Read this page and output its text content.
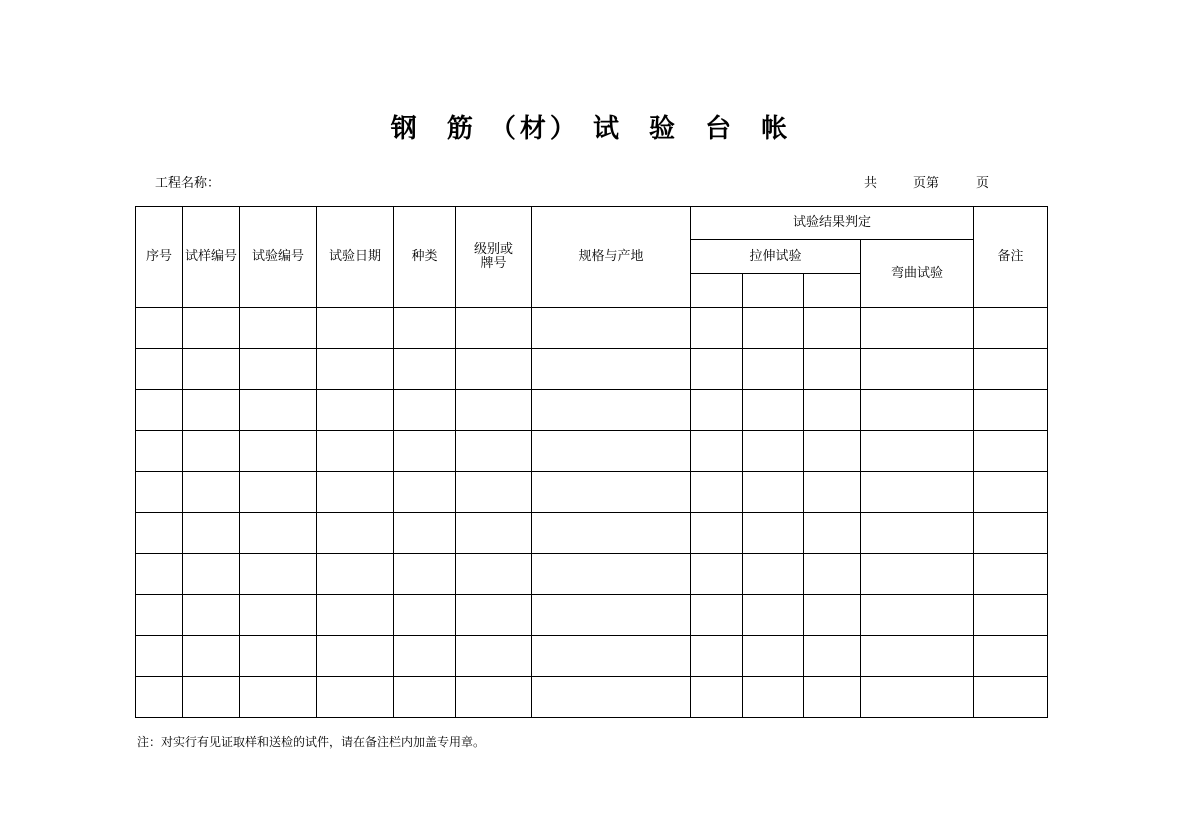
钢  筋 （材） 试  验  台  帐
工程名称：	共	页第	页
序号	试样编号	试验编号	试验日期	种类	级别或牌号	规格与产地	试验结果判定				备注
							拉伸试验			弯曲试验	

注：对实行有见证取样和送检的试件，请在备注栏内加盖专用章。
